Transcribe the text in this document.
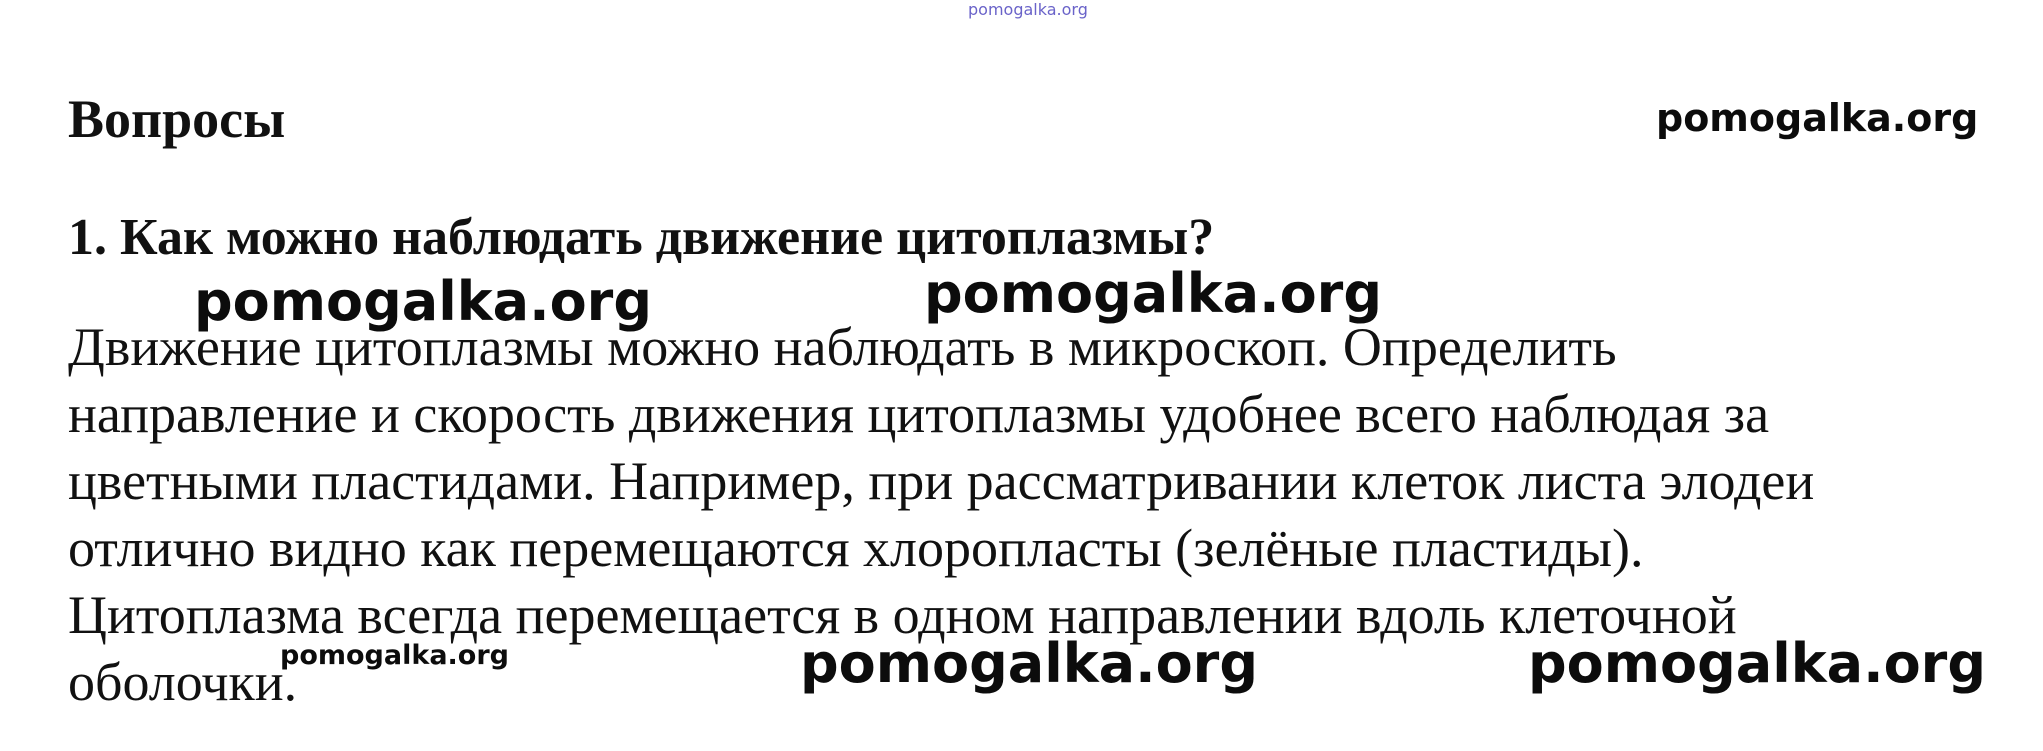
pomogalka.org
Вопросы	pomogalka.org
1. Как можно наблюдать движение цитоплазмы?
Движение цитоплазмы можно наблюдать в микроскоп. Определить
направление и скорость движения цитоплазмы удобнее всего наблюдая за
цветными пластидами. Например, при рассматривании клеток листа элодеи
отлично видно как перемещаются хлоропласты (зелёные пластиды).
Цитоплазма всегда перемещается в одном направлении вдоль клеточной
оболочки.
pomogalka.org	pomogalka.org
pomogalka.org	pomogalka.org	pomogalka.org
